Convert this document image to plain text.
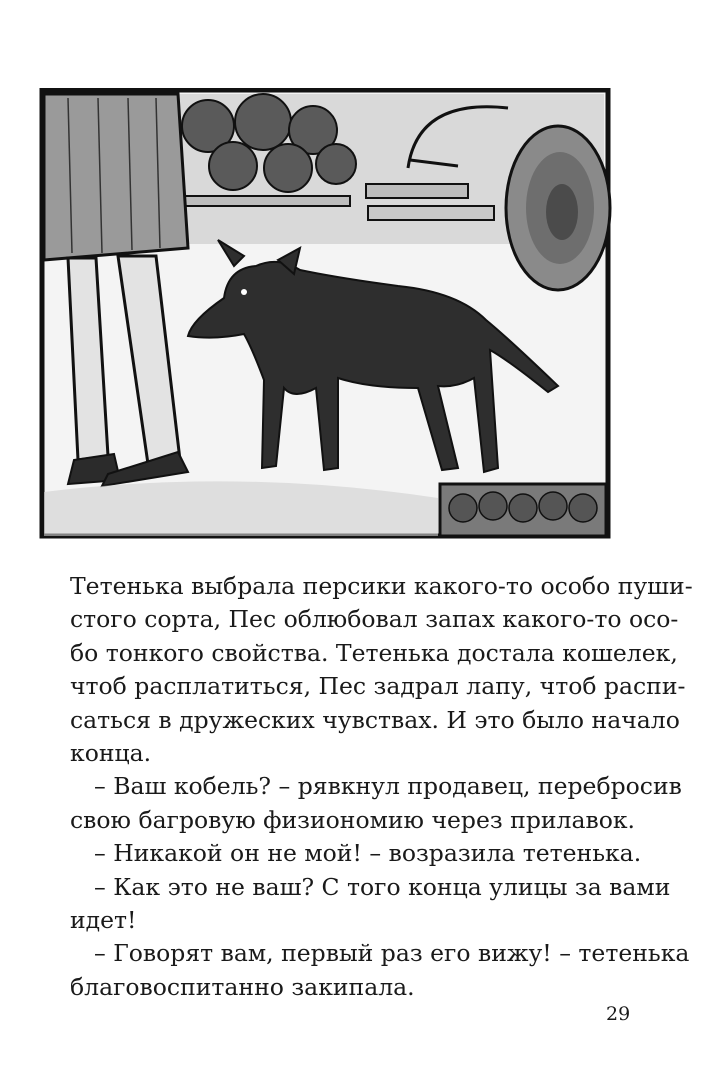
Тетенька выбрала персики какого-то особо пуши-
стого сорта, Пес облюбовал запах какого-то осо-
бо тонкого свойства. Тетенька достала кошелек,
чтоб расплатиться, Пес задрал лапу, чтоб распи-
саться в дружеских чувствах. И это было начало
конца.
– Ваш кобель? – рявкнул продавец, перебросив
свою багровую физиономию через прилавок.
– Никакой он не мой! – возразила тетенька.
– Как это не ваш? С того конца улицы за вами
идет!
– Говорят вам, первый раз его вижу! – тетенька
благовоспитанно закипала.
29
